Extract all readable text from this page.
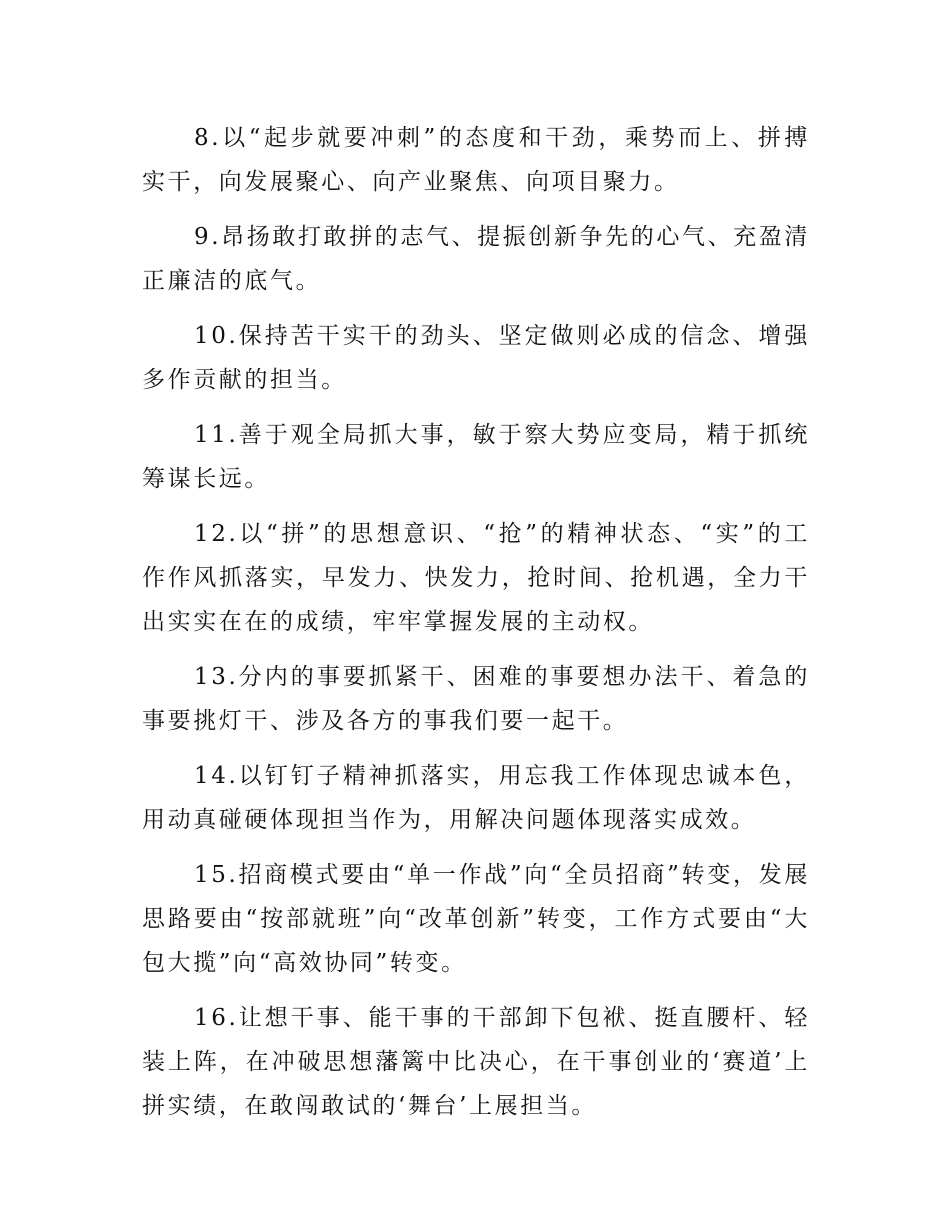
8.以“起步就要冲刺”的态度和干劲，乘势而上、拼搏实干，向发展聚心、向产业聚焦、向项目聚力。

9.昂扬敢打敢拼的志气、提振创新争先的心气、充盈清正廉洁的底气。

10.保持苦干实干的劲头、坚定做则必成的信念、增强多作贡献的担当。

11.善于观全局抓大事，敏于察大势应变局，精于抓统筹谋长远。

12.以“拼”的思想意识、“抢”的精神状态、“实”的工作作风抓落实，早发力、快发力，抢时间、抢机遇，全力干出实实在在的成绩，牢牢掌握发展的主动权。

13.分内的事要抓紧干、困难的事要想办法干、着急的事要挑灯干、涉及各方的事我们要一起干。

14.以钉钉子精神抓落实，用忘我工作体现忠诚本色，用动真碰硬体现担当作为，用解决问题体现落实成效。

15.招商模式要由“单一作战”向“全员招商”转变，发展思路要由“按部就班”向“改革创新”转变，工作方式要由“大包大揽”向“高效协同”转变。

16.让想干事、能干事的干部卸下包袱、挺直腰杆、轻装上阵，在冲破思想藩篱中比决心，在干事创业的‘赛道’上拼实绩，在敢闯敢试的‘舞台’上展担当。
